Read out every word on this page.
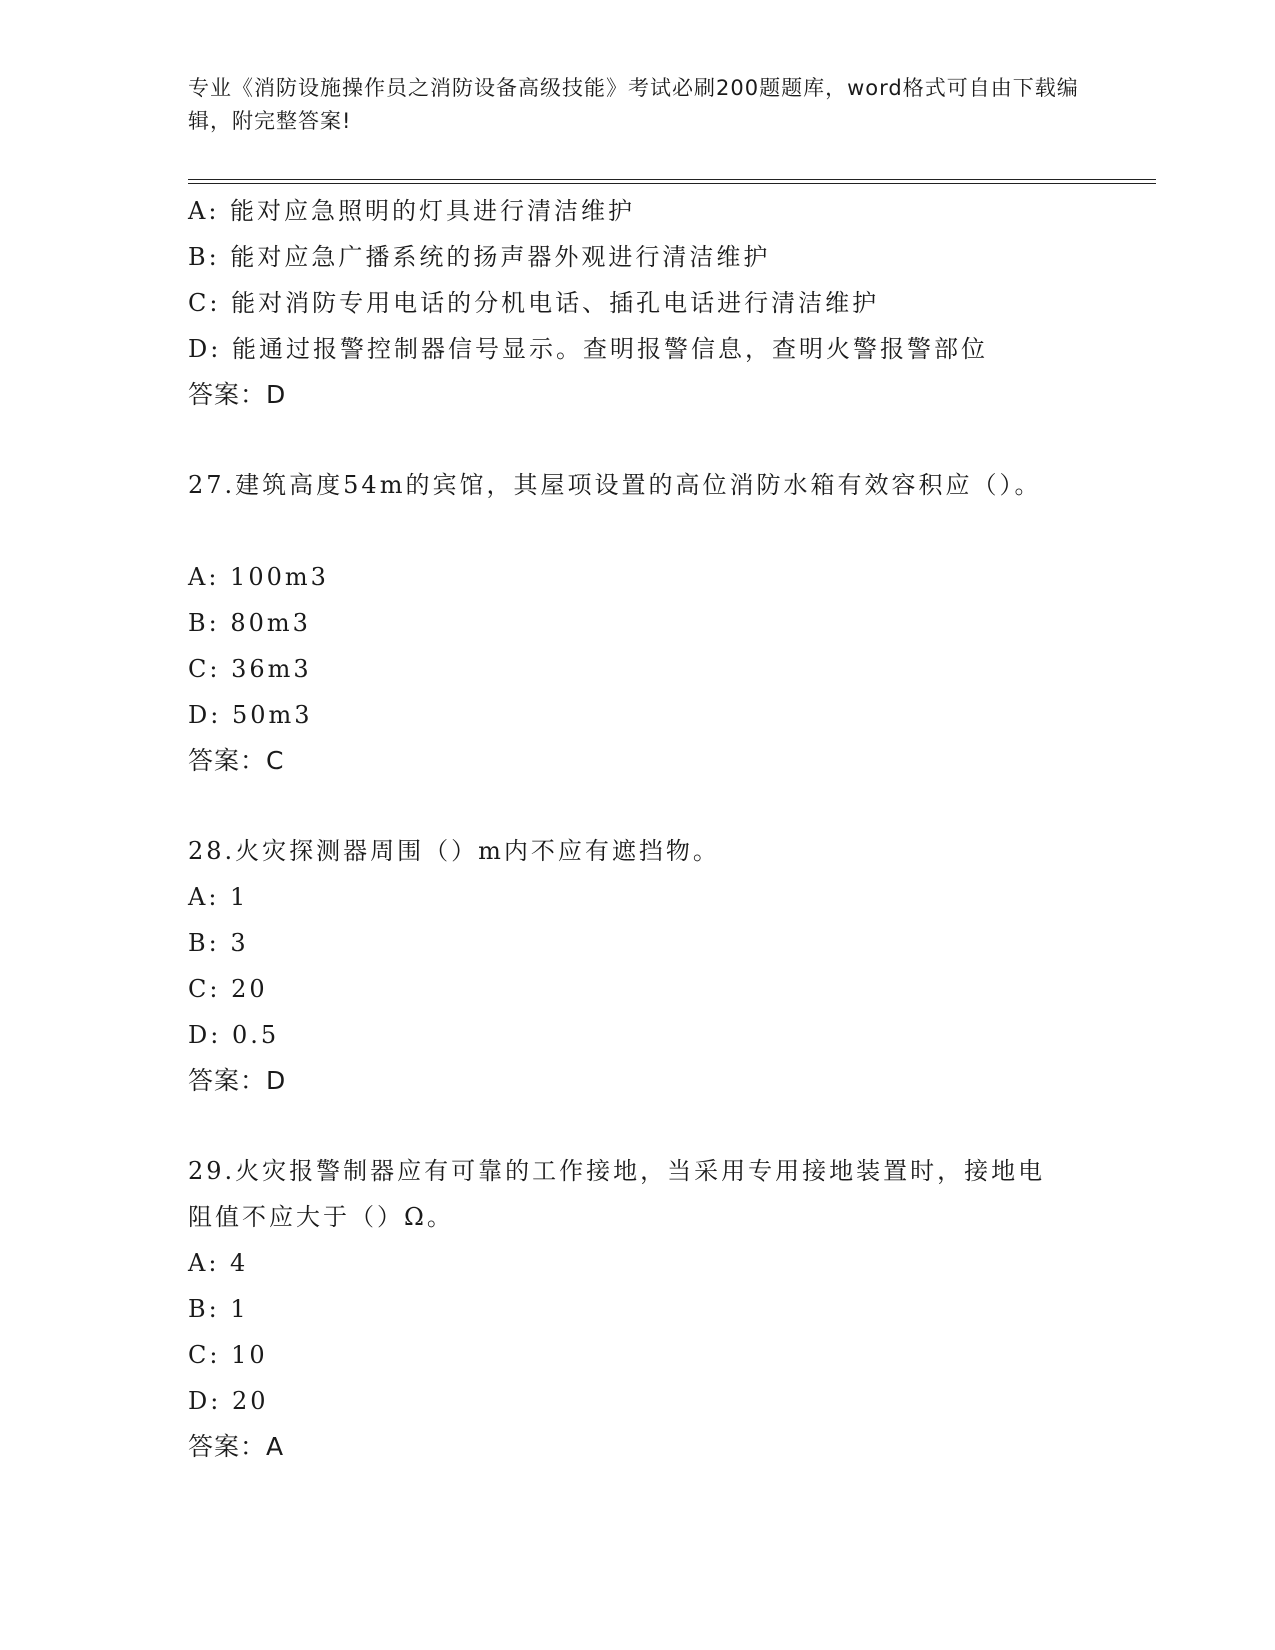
专业《消防设施操作员之消防设备高级技能》考试必刷200题题库，word格式可自由下载编辑，附完整答案!
A: 能对应急照明的灯具进行清洁维护
B: 能对应急广播系统的扬声器外观进行清洁维护
C: 能对消防专用电话的分机电话、插孔电话进行清洁维护
D: 能通过报警控制器信号显示。查明报警信息，查明火警报警部位
答案：D
27.建筑高度54m的宾馆，其屋项设置的高位消防水箱有效容积应（）。
A: 100m3
B: 80m3
C: 36m3
D: 50m3
答案：C
28.火灾探测器周围（）m内不应有遮挡物。
A: 1
B: 3
C: 20
D: 0.5
答案：D
29.火灾报警制器应有可靠的工作接地，当采用专用接地装置时，接地电阻值不应大于（）Ω。
A: 4
B: 1
C: 10
D: 20
答案：A
